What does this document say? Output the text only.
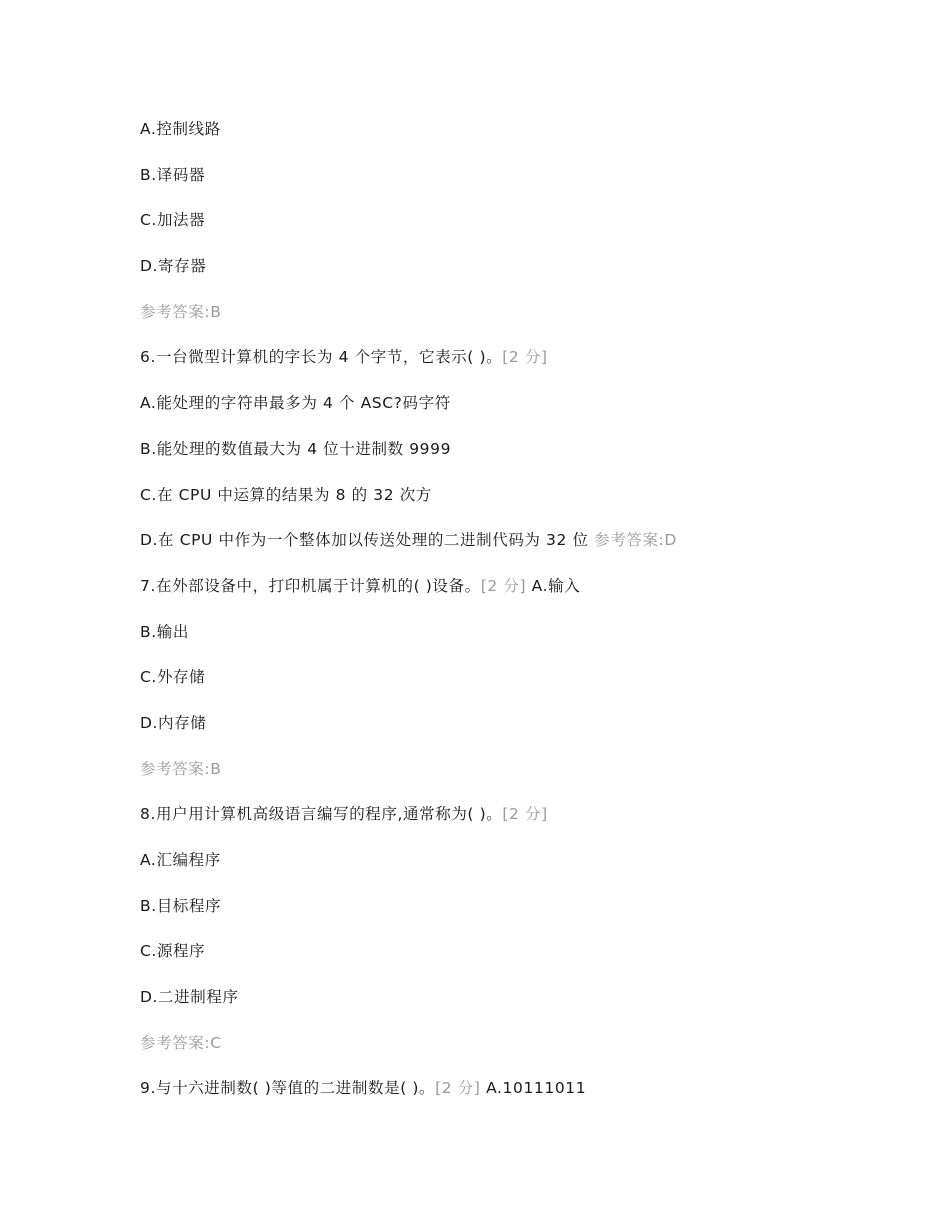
A.控制线路
B.译码器
C.加法器
D.寄存器
参考答案:B
6.一台微型计算机的字长为 4 个字节，它表示( )。[2 分]
A.能处理的字符串最多为 4 个 ASC?码字符
B.能处理的数值最大为 4 位十进制数 9999
C.在 CPU 中运算的结果为 8 的 32 次方
D.在 CPU 中作为一个整体加以传送处理的二进制代码为 32 位 参考答案:D
7.在外部设备中，打印机属于计算机的( )设备。[2 分] A.输入
B.输出
C.外存储
D.内存储
参考答案:B
8.用户用计算机高级语言编写的程序,通常称为( )。[2 分]
A.汇编程序
B.目标程序
C.源程序
D.二进制程序
参考答案:C
9.与十六进制数( )等值的二进制数是( )。[2 分] A.10111011
